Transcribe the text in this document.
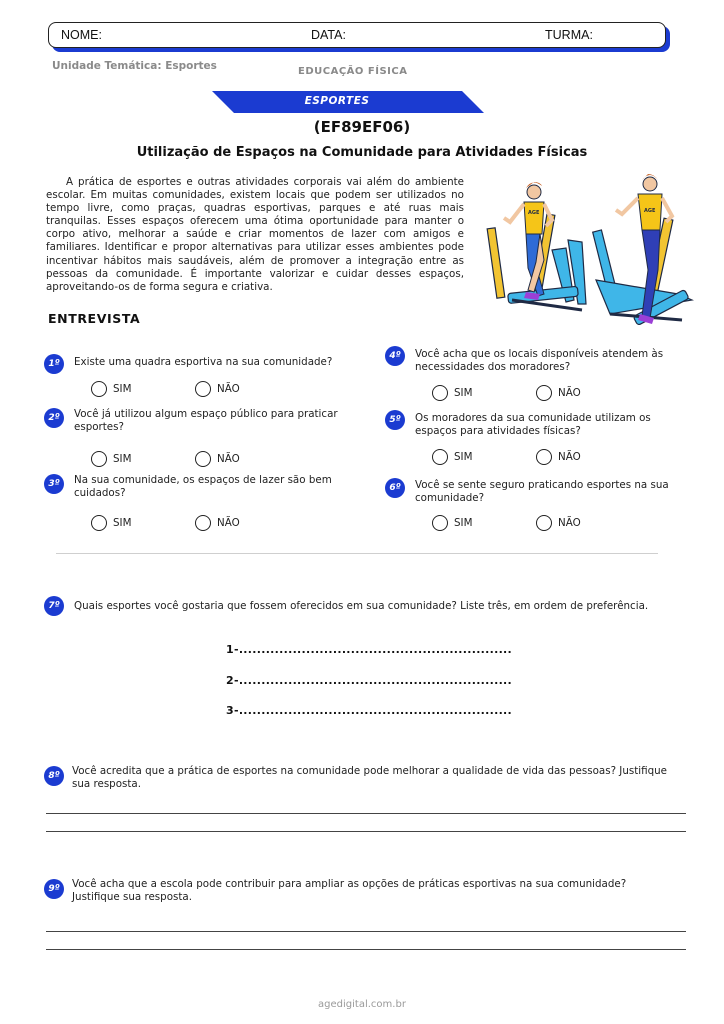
NOME:	DATA:	TURMA:
Unidade Temática: Esportes	EDUCAÇÃO FÍSICA
ESPORTES
(EF89EF06)
Utilização de Espaços na Comunidade para Atividades Físicas
A prática de esportes e outras atividades corporais vai além do ambiente escolar. Em muitas comunidades, existem locais que podem ser utilizados no tempo livre, como praças, quadras esportivas, parques e até ruas mais tranquilas. Esses espaços oferecem uma ótima oportunidade para manter o corpo ativo, melhorar a saúde e criar momentos de lazer com amigos e familiares. Identificar e propor alternativas para utilizar esses ambientes pode incentivar hábitos mais saudáveis, além de promover a integração entre as pessoas da comunidade. É importante valorizar e cuidar desses espaços, aproveitando-os de forma segura e criativa.
AGE	AGE
ENTREVISTA
1º	Existe uma quadra esportiva na sua comunidade?
SIM	NÃO
2º	Você já utilizou algum espaço público para praticar esportes?
SIM	NÃO
3º	Na sua comunidade, os espaços de lazer são bem cuidados?
SIM	NÃO
4º	Você acha que os locais disponíveis atendem às necessidades dos moradores?
SIM	NÃO
5º	Os moradores da sua comunidade utilizam os espaços para atividades físicas?
SIM	NÃO
6º	Você se sente seguro praticando esportes na sua comunidade?
SIM	NÃO
7º	Quais esportes você gostaria que fossem oferecidos em sua comunidade? Liste três, em ordem de preferência.
1-.............................................................
2-.............................................................
3-.............................................................
8º	Você acredita que a prática de esportes na comunidade pode melhorar a qualidade de vida das pessoas? Justifique sua resposta.
9º	Você acha que a escola pode contribuir para ampliar as opções de práticas esportivas na sua comunidade? Justifique sua resposta.
agedigital.com.br
